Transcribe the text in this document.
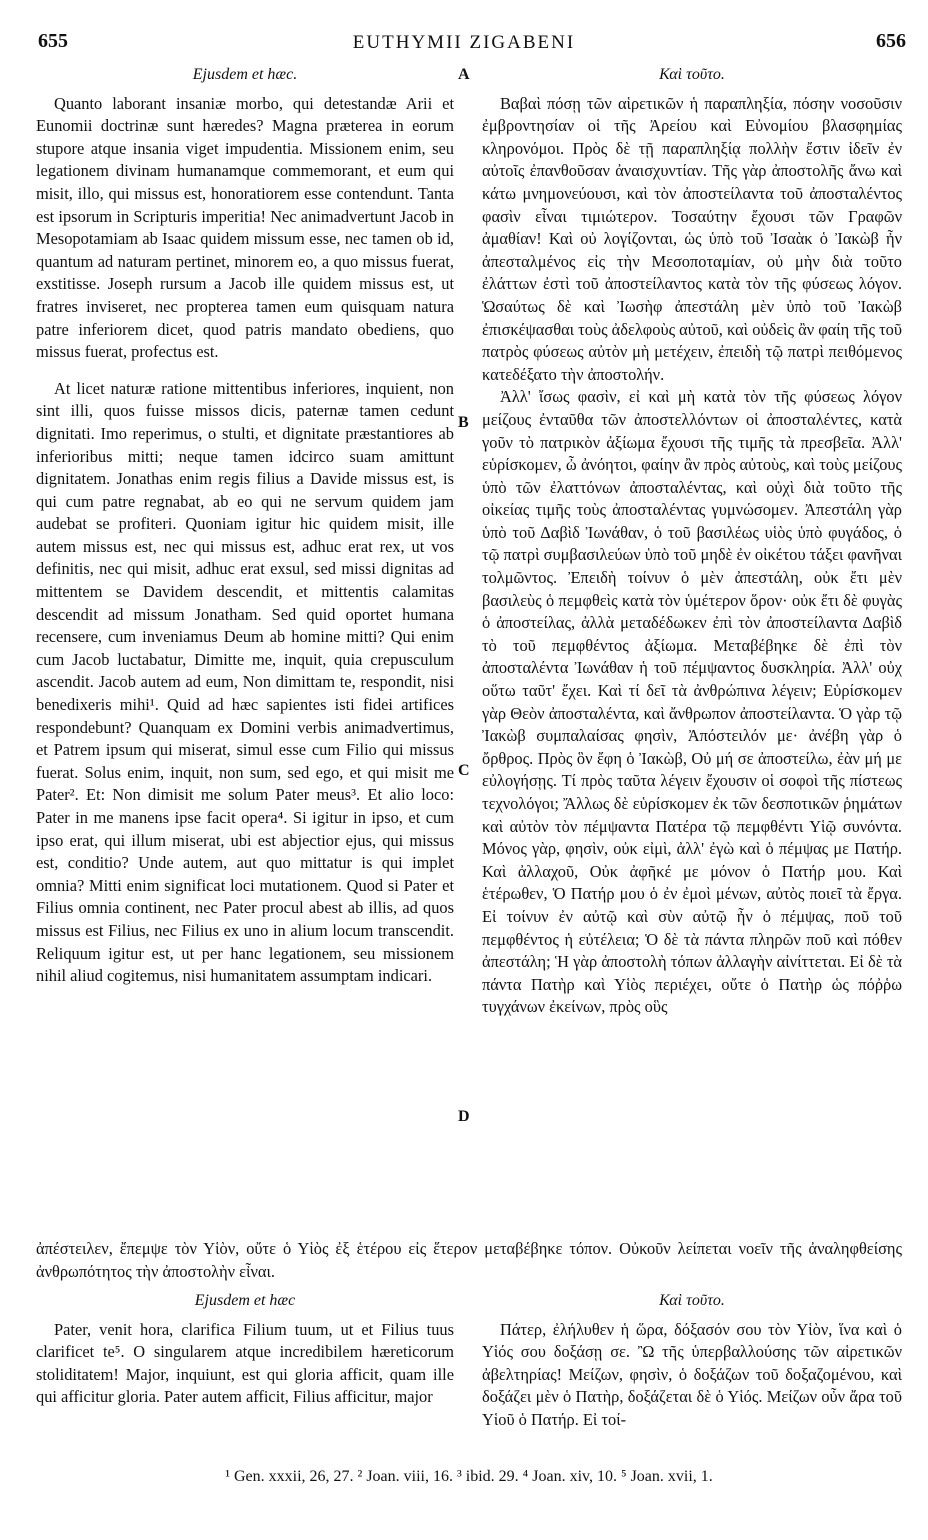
655	EUTHYMII ZIGABENI	656
A
B
C
D
Ejusdem et hæc.

Quanto laborant insaniæ morbo, qui detestandæ Arii et Eunomii doctrinæ sunt hæredes? Magna præterea in eorum stupore atque insania viget impudentia. Missionem enim, seu legationem divinam humanamque commemorant, et eum qui misit, illo, qui missus est, honoratiorem esse contendunt. Tanta est ipsorum in Scripturis imperitia! Nec animadvertunt Jacob in Mesopotamiam ab Isaac quidem missum esse, nec tamen ob id, quantum ad naturam pertinet, minorem eo, a quo missus fuerat, exstitisse. Joseph rursum a Jacob ille quidem missus est, ut fratres inviseret, nec propterea tamen eum quisquam natura patre inferiorem dicet, quod patris mandato obediens, quo missus fuerat, profectus est.

At licet naturæ ratione mittentibus inferiores, inquient, non sint illi, quos fuisse missos dicis, paternæ tamen cedunt dignitati. Imo reperimus, o stulti, et dignitate præstantiores ab inferioribus mitti; neque tamen idcirco suam amittunt dignitatem. Jonathas enim regis filius a Davide missus est, is qui cum patre regnabat, ab eo qui ne servum quidem jam audebat se profiteri. Quoniam igitur hic quidem misit, ille autem missus est, nec qui missus est, adhuc erat rex, ut vos definitis, nec qui misit, adhuc erat exsul, sed missi dignitas ad mittentem se Davidem descendit, et mittentis calamitas descendit ad missum Jonatham. Sed quid oportet humana recensere, cum inveniamus Deum ab homine mitti? Qui enim cum Jacob luctabatur, Dimitte me, inquit, quia crepusculum ascendit. Jacob autem ad eum, Non dimittam te, respondit, nisi benedixeris mihi¹. Quid ad hæc sapientes isti fidei artifices respondebunt? Quanquam ex Domini verbis animadvertimus, et Patrem ipsum qui miserat, simul esse cum Filio qui missus fuerat. Solus enim, inquit, non sum, sed ego, et qui misit me Pater². Et: Non dimisit me solum Pater meus³. Et alio loco: Pater in me manens ipse facit opera⁴. Si igitur in ipso, et cum ipso erat, qui illum miserat, ubi est abjectior ejus, qui missus est, conditio? Unde autem, aut quo mittatur is qui implet omnia? Mitti enim significat loci mutationem. Quod si Pater et Filius omnia continent, nec Pater procul abest ab illis, ad quos missus est Filius, nec Filius ex uno in alium locum transcendit. Reliquum igitur est, ut per hanc legationem, seu missionem nihil aliud cogitemus, nisi humanitatem assumptam indicari.

Καὶ τοῦτο.

Βαβαὶ πόσῃ τῶν αἱρετικῶν ἡ παραπληξία, πόσην νοσοῦσιν ἐμβροντησίαν οἱ τῆς Ἀρείου καὶ Εὐνομίου βλασφημίας κληρονόμοι. Πρὸς δὲ τῇ παραπληξίᾳ πολλὴν ἔστιν ἰδεῖν ἐν αὐτοῖς ἐπανθοῦσαν ἀναισχυντίαν. Τῆς γὰρ ἀποστολῆς ἄνω καὶ κάτω μνημονεύουσι, καὶ τὸν ἀποστείλαντα τοῦ ἀποσταλέντος φασὶν εἶναι τιμιώτερον. Τοσαύτην ἔχουσι τῶν Γραφῶν ἀμαθίαν! Καὶ οὐ λογίζονται, ὡς ὑπὸ τοῦ Ἰσαὰκ ὁ Ἰακὼβ ἦν ἀπεσταλμένος εἰς τὴν Μεσοποταμίαν, οὐ μὴν διὰ τοῦτο ἐλάττων ἐστὶ τοῦ ἀποστείλαντος κατὰ τὸν τῆς φύσεως λόγον. Ὡσαύτως δὲ καὶ Ἰωσὴφ ἀπεστάλη μὲν ὑπὸ τοῦ Ἰακὼβ ἐπισκέψασθαι τοὺς ἀδελφοὺς αὐτοῦ, καὶ οὐδεὶς ἂν φαίη τῆς τοῦ πατρὸς φύσεως αὐτὸν μὴ μετέχειν, ἐπειδὴ τῷ πατρὶ πειθόμενος κατεδέξατο τὴν ἀποστολήν.

Ἀλλ' ἴσως φασὶν, εἰ καὶ μὴ κατὰ τὸν τῆς φύσεως λόγον μείζους ἐνταῦθα τῶν ἀποστελλόντων οἱ ἀποσταλέντες, κατὰ γοῦν τὸ πατρικὸν ἀξίωμα ἔχουσι τῆς τιμῆς τὰ πρεσβεῖα. Ἀλλ' εὑρίσκομεν, ὦ ἀνόητοι, φαίην ἂν πρὸς αὐτοὺς, καὶ τοὺς μείζους ὑπὸ τῶν ἐλαττόνων ἀποσταλέντας, καὶ οὐχὶ διὰ τοῦτο τῆς οἰκείας τιμῆς τοὺς ἀποσταλέντας γυμνώσομεν. Ἀπεστάλη γὰρ ὑπὸ τοῦ Δαβὶδ Ἰωνάθαν, ὁ τοῦ βασιλέως υἱὸς ὑπὸ φυγάδος, ὁ τῷ πατρὶ συμβασιλεύων ὑπὸ τοῦ μηδὲ ἐν οἰκέτου τάξει φανῆναι τολμῶντος. Ἐπειδὴ τοίνυν ὁ μὲν ἀπεστάλη, οὐκ ἔτι μὲν βασιλεὺς ὁ πεμφθεὶς κατὰ τὸν ὑμέτερον ὅρον· οὐκ ἔτι δὲ φυγὰς ὁ ἀποστείλας, ἀλλὰ μεταδέδωκεν ἐπὶ τὸν ἀποστείλαντα Δαβὶδ τὸ τοῦ πεμφθέντος ἀξίωμα. Μεταβέβηκε δὲ ἐπὶ τὸν ἀποσταλέντα Ἰωνάθαν ἡ τοῦ πέμψαντος δυσκληρία. Ἀλλ' οὐχ οὕτω ταῦτ' ἔχει. Καὶ τί δεῖ τὰ ἀνθρώπινα λέγειν; Εὑρίσκομεν γὰρ Θεὸν ἀποσταλέντα, καὶ ἄνθρωπον ἀποστείλαντα. Ὁ γὰρ τῷ Ἰακὼβ συμπαλαίσας φησὶν, Ἀπόστειλόν με· ἀνέβη γὰρ ὁ ὄρθρος. Πρὸς ὃν ἔφη ὁ Ἰακὼβ, Οὐ μή σε ἀποστείλω, ἐὰν μή με εὐλογήσῃς. Τί πρὸς ταῦτα λέγειν ἔχουσιν οἱ σοφοὶ τῆς πίστεως τεχνολόγοι; Ἄλλως δὲ εὑρίσκομεν ἐκ τῶν δεσποτικῶν ῥημάτων καὶ αὐτὸν τὸν πέμψαντα Πατέρα τῷ πεμφθέντι Υἱῷ συνόντα. Μόνος γὰρ, φησὶν, οὐκ εἰμὶ, ἀλλ' ἐγὼ καὶ ὁ πέμψας με Πατήρ. Καὶ ἀλλαχοῦ, Οὐκ ἀφῆκέ με μόνον ὁ Πατήρ μου. Καὶ ἑτέρωθεν, Ὁ Πατήρ μου ὁ ἐν ἐμοὶ μένων, αὐτὸς ποιεῖ τὰ ἔργα. Εἰ τοίνυν ἐν αὐτῷ καὶ σὺν αὐτῷ ἦν ὁ πέμψας, ποῦ τοῦ πεμφθέντος ἡ εὐτέλεια; Ὁ δὲ τὰ πάντα πληρῶν ποῦ καὶ πόθεν ἀπεστάλη; Ἡ γὰρ ἀποστολὴ τόπων ἀλλαγὴν αἰνίττεται. Εἰ δὲ τὰ πάντα Πατὴρ καὶ Υἱὸς περιέχει, οὔτε ὁ Πατὴρ ὡς πόῤῥω τυγχάνων ἐκείνων, πρὸς οὓς

ἀπέστειλεν, ἔπεμψε τὸν Υἱὸν, οὔτε ὁ Υἱὸς ἐξ ἑτέρου εἰς ἕτερον μεταβέβηκε τόπον. Οὐκοῦν λείπεται νοεῖν τῆς ἀναληφθείσης ἀνθρωπότητος τὴν ἀποστολὴν εἶναι.
Ejusdem et hæc

Pater, venit hora, clarifica Filium tuum, ut et Filius tuus clarificet te⁵. O singularem atque incredibilem hæreticorum stoliditatem! Major, inquiunt, est qui gloria afficit, quam ille qui afficitur gloria. Pater autem afficit, Filius afficitur, major

Καὶ τοῦτο.

Πάτερ, ἐλήλυθεν ἡ ὥρα, δόξασόν σου τὸν Υἱὸν, ἵνα καὶ ὁ Υἱός σου δοξάσῃ σε. Ὢ τῆς ὑπερβαλλούσης τῶν αἱρετικῶν ἀβελτηρίας! Μείζων, φησὶν, ὁ δοξάζων τοῦ δοξαζομένου, καὶ δοξάζει μὲν ὁ Πατὴρ, δοξάζεται δὲ ὁ Υἱός. Μείζων οὖν ἄρα τοῦ Υἱοῦ ὁ Πατήρ. Εἰ τοί-

¹ Gen. xxxii, 26, 27. ² Joan. viii, 16. ³ ibid. 29. ⁴ Joan. xiv, 10. ⁵ Joan. xvii, 1.
